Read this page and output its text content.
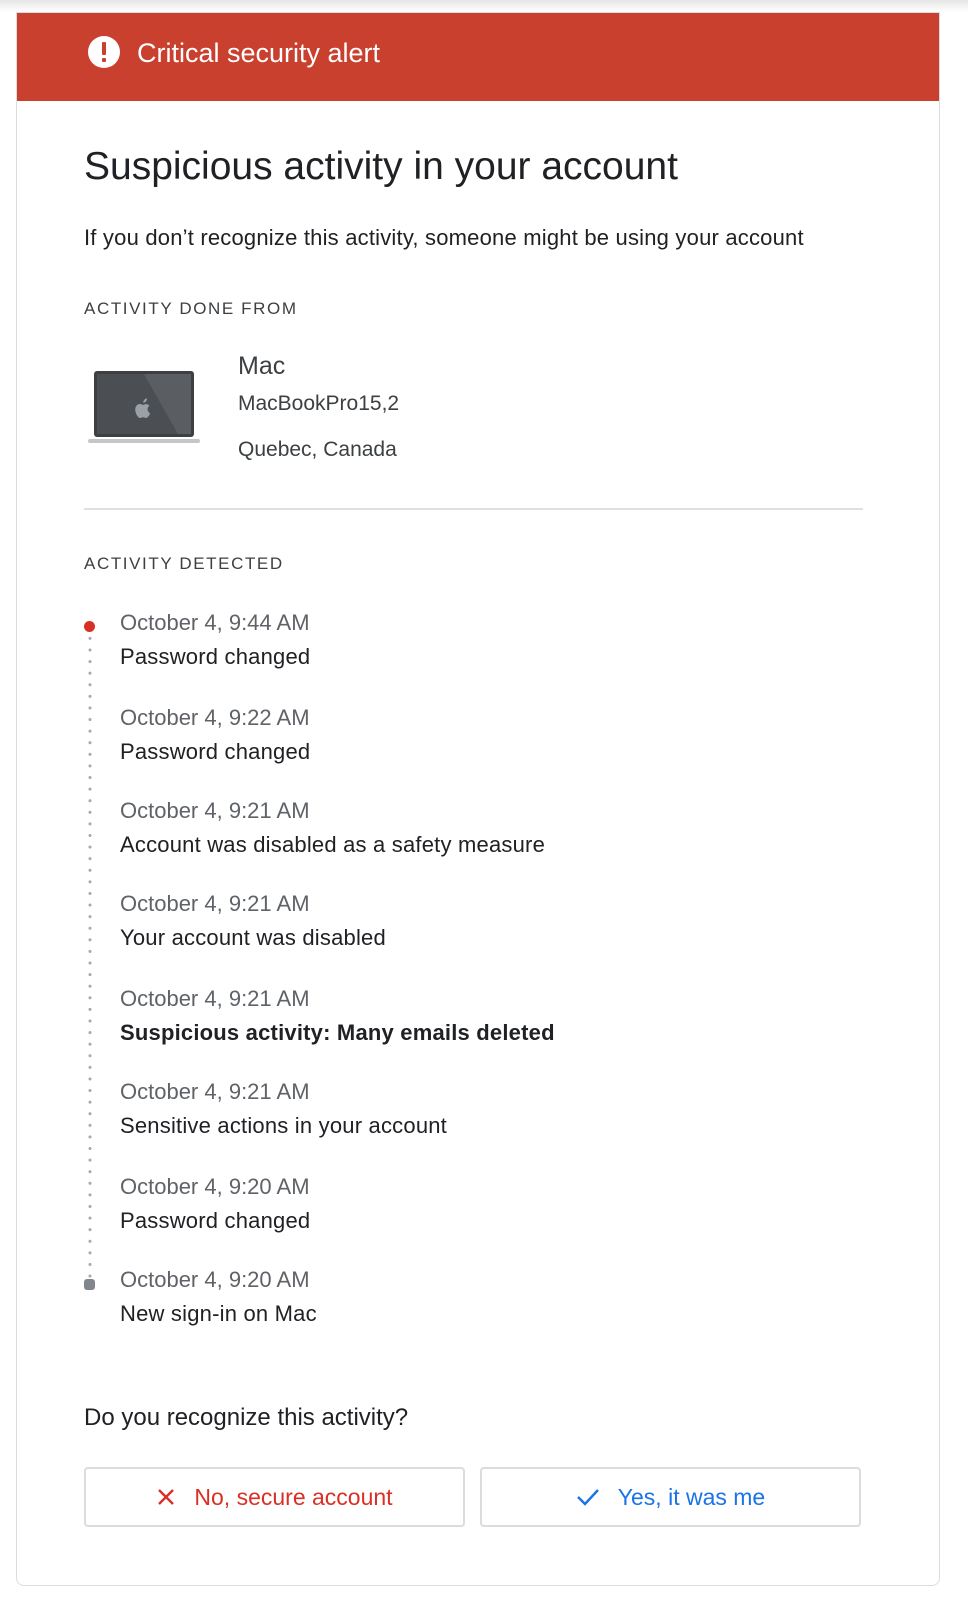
Critical security alert
Suspicious activity in your account
If you don’t recognize this activity, someone might be using your account
ACTIVITY DONE FROM
Mac
MacBookPro15,2
Quebec, Canada
ACTIVITY DETECTED
October 4, 9:44 AM
Password changed
October 4, 9:22 AM
Password changed
October 4, 9:21 AM
Account was disabled as a safety measure
October 4, 9:21 AM
Your account was disabled
October 4, 9:21 AM
Suspicious activity: Many emails deleted
October 4, 9:21 AM
Sensitive actions in your account
October 4, 9:20 AM
Password changed
October 4, 9:20 AM
New sign-in on Mac
Do you recognize this activity?
No, secure account	Yes, it was me
